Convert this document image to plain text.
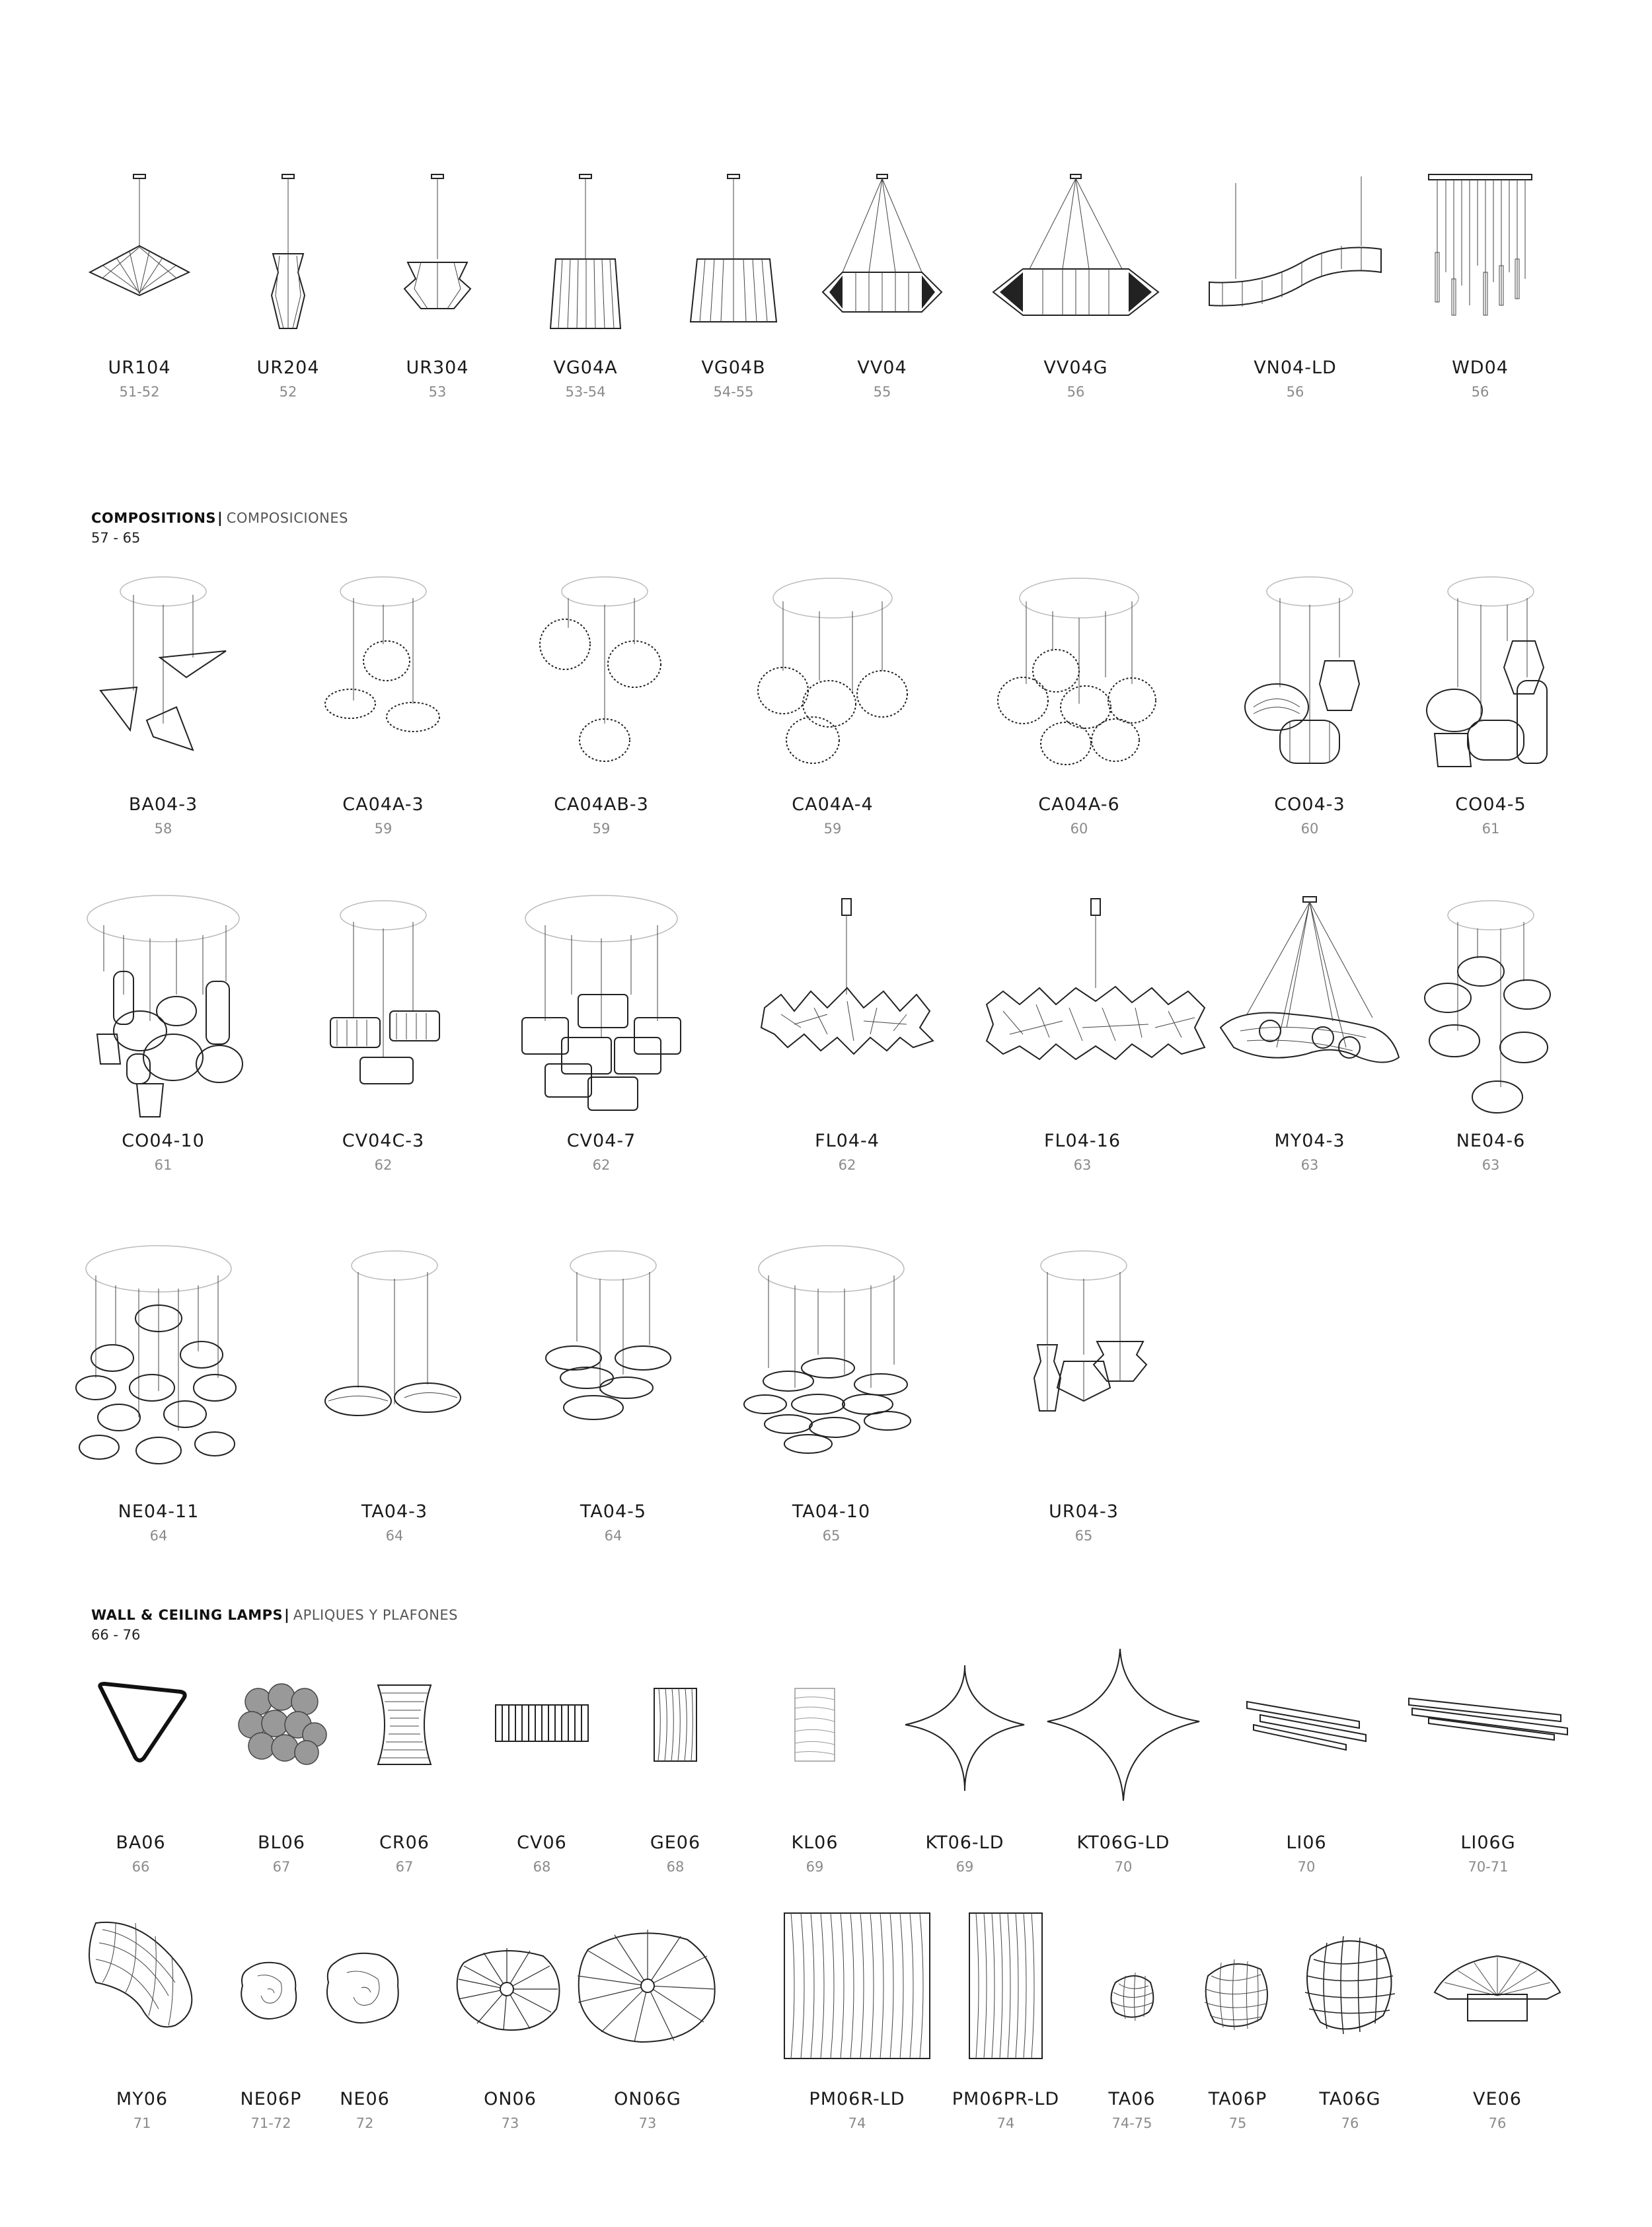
UR104
51-52
UR204
52
UR304
53
VG04A
53-54
VG04B
54-55
VV04
55
VV04G
56
VN04-LD
56
WD04
56
COMPOSITIONS| COMPOSICIONES
57 - 65
BA04-3
58
CA04A-3
59
CA04AB-3
59
CA04A-4
59
CA04A-6
60
CO04-3
60
CO04-5
61
CO04-10
61
CV04C-3
62
CV04-7
62
FL04-4
62
FL04-16
63
MY04-3
63
NE04-6
63
NE04-11
64
TA04-3
64
TA04-5
64
TA04-10
65
UR04-3
65
WALL & CEILING LAMPS| APLIQUES Y PLAFONES
66 - 76
BA06
66
BL06
67
CR06
67
CV06
68
GE06
68
KL06
69
KT06-LD
69
KT06G-LD
70
LI06
70
LI06G
70-71
MY06
71
NE06P
71-72
NE06
72
ON06
73
ON06G
73
PM06R-LD
74
PM06PR-LD
74
TA06
74-75
TA06P
75
TA06G
76
VE06
76
